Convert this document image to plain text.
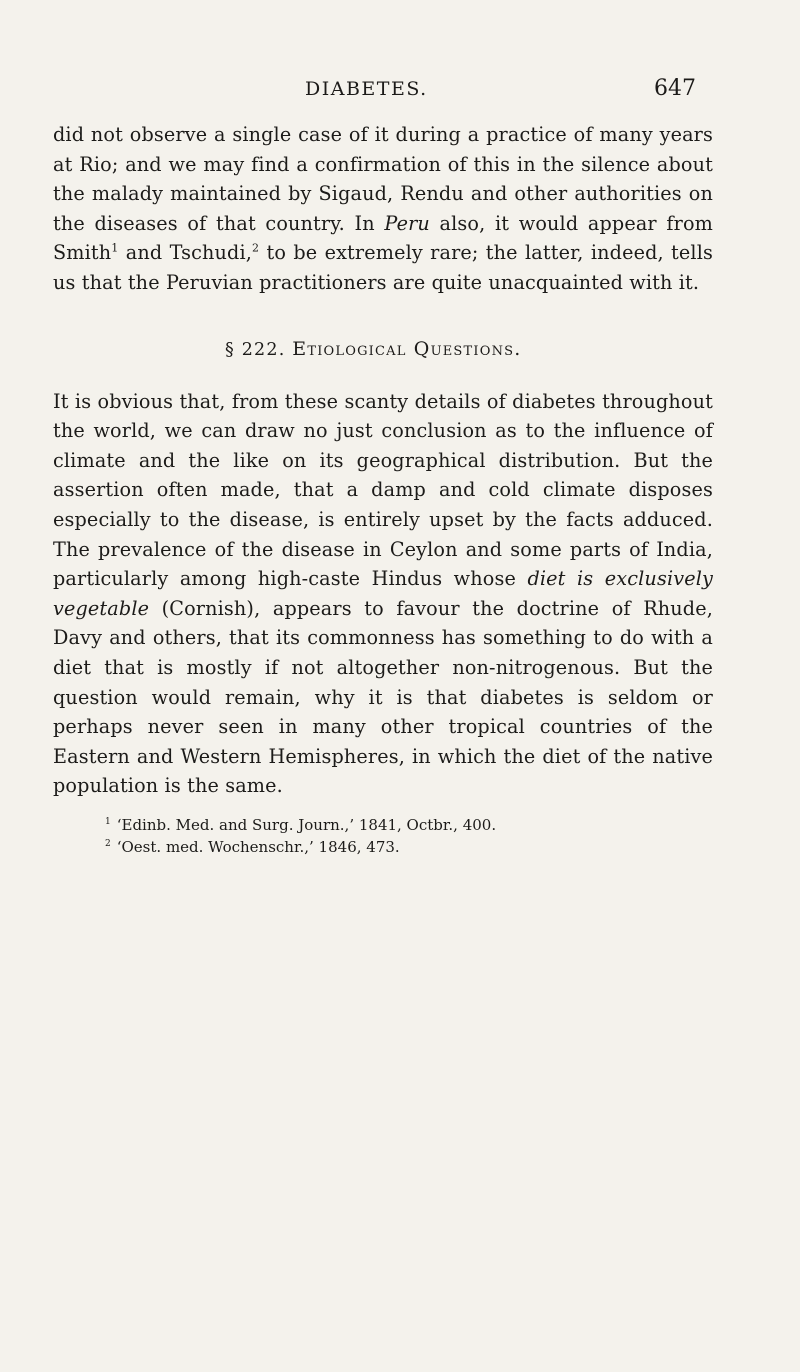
DIABETES.	647

did not observe a single case of it during a practice of many years at Rio; and we may find a confirmation of this in the silence about the malady maintained by Sigaud, Rendu and other authorities on the diseases of that country. In Peru also, it would appear from Smith$^1$ and Tschudi,$^2$ to be extremely rare; the latter, indeed, tells us that the Peruvian practitioners are quite unacquainted with it.

§ 222. Etiological Questions.

It is obvious that, from these scanty details of diabetes throughout the world, we can draw no just conclusion as to the influence of climate and the like on its geographical distribution. But the assertion often made, that a damp and cold climate disposes especially to the disease, is entirely upset by the facts adduced. The prevalence of the disease in Ceylon and some parts of India, particularly among high-caste Hindus whose diet is exclusively vegetable (Cornish), appears to favour the doctrine of Rhude, Davy and others, that its commonness has something to do with a diet that is mostly if not altogether non-nitrogenous. But the question would remain, why it is that diabetes is seldom or perhaps never seen in many other tropical countries of the Eastern and Western Hemispheres, in which the diet of the native population is the same.

$^1$ ‘Edinb. Med. and Surg. Journ.,’ 1841, Octbr., 400.
$^2$ ‘Oest. med. Wochenschr.,’ 1846, 473.
